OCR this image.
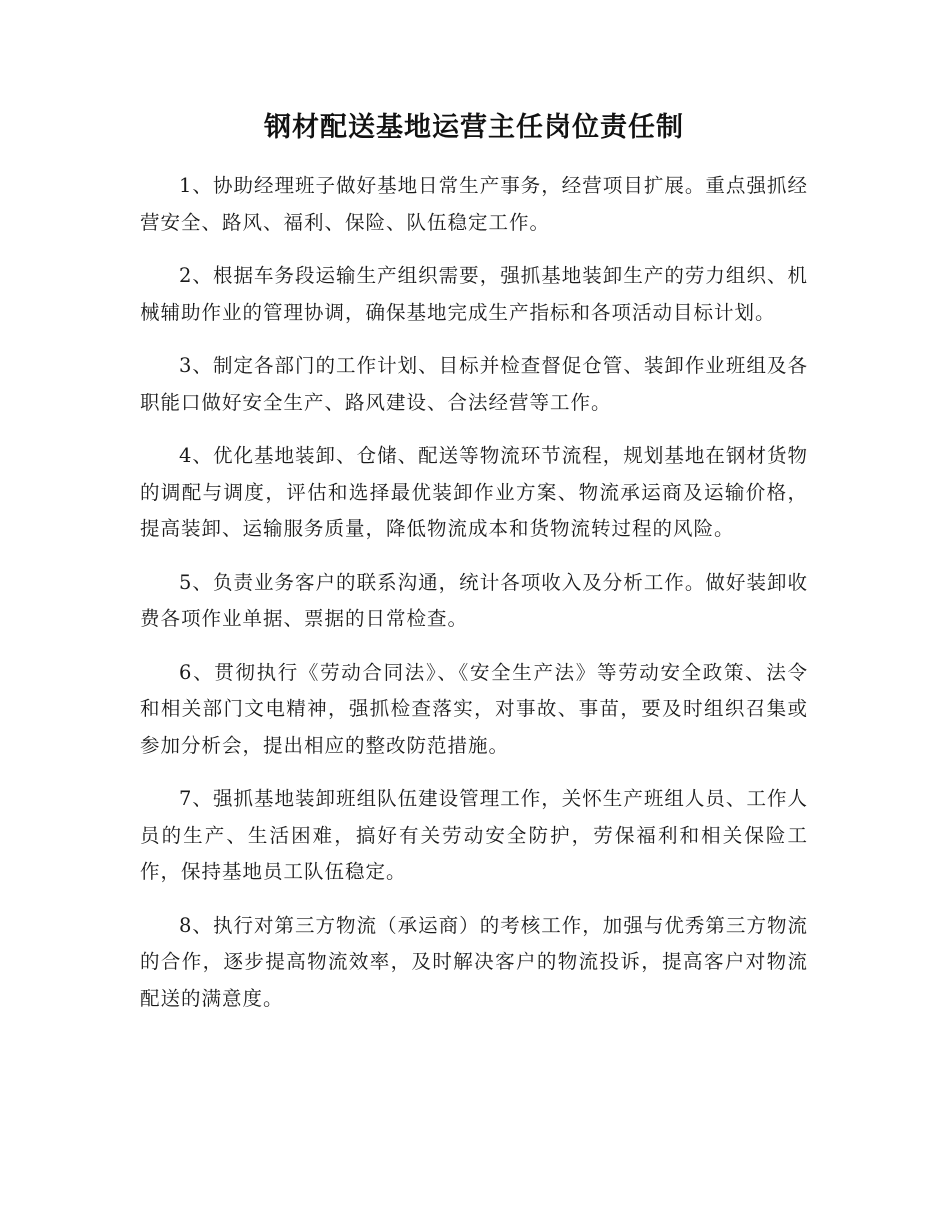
钢材配送基地运营主任岗位责任制

1、协助经理班子做好基地日常生产事务，经营项目扩展。重点强抓经营安全、路风、福利、保险、队伍稳定工作。

2、根据车务段运输生产组织需要，强抓基地装卸生产的劳力组织、机械辅助作业的管理协调，确保基地完成生产指标和各项活动目标计划。

3、制定各部门的工作计划、目标并检查督促仓管、装卸作业班组及各职能口做好安全生产、路风建设、合法经营等工作。

4、优化基地装卸、仓储、配送等物流环节流程，规划基地在钢材货物的调配与调度，评估和选择最优装卸作业方案、物流承运商及运输价格，提高装卸、运输服务质量，降低物流成本和货物流转过程的风险。

5、负责业务客户的联系沟通，统计各项收入及分析工作。做好装卸收费各项作业单据、票据的日常检查。

6、贯彻执行《劳动合同法》、《安全生产法》等劳动安全政策、法令和相关部门文电精神，强抓检查落实，对事故、事苗，要及时组织召集或参加分析会，提出相应的整改防范措施。

7、强抓基地装卸班组队伍建设管理工作，关怀生产班组人员、工作人员的生产、生活困难，搞好有关劳动安全防护，劳保福利和相关保险工作，保持基地员工队伍稳定。

8、执行对第三方物流（承运商）的考核工作，加强与优秀第三方物流的合作，逐步提高物流效率，及时解决客户的物流投诉，提高客户对物流配送的满意度。
